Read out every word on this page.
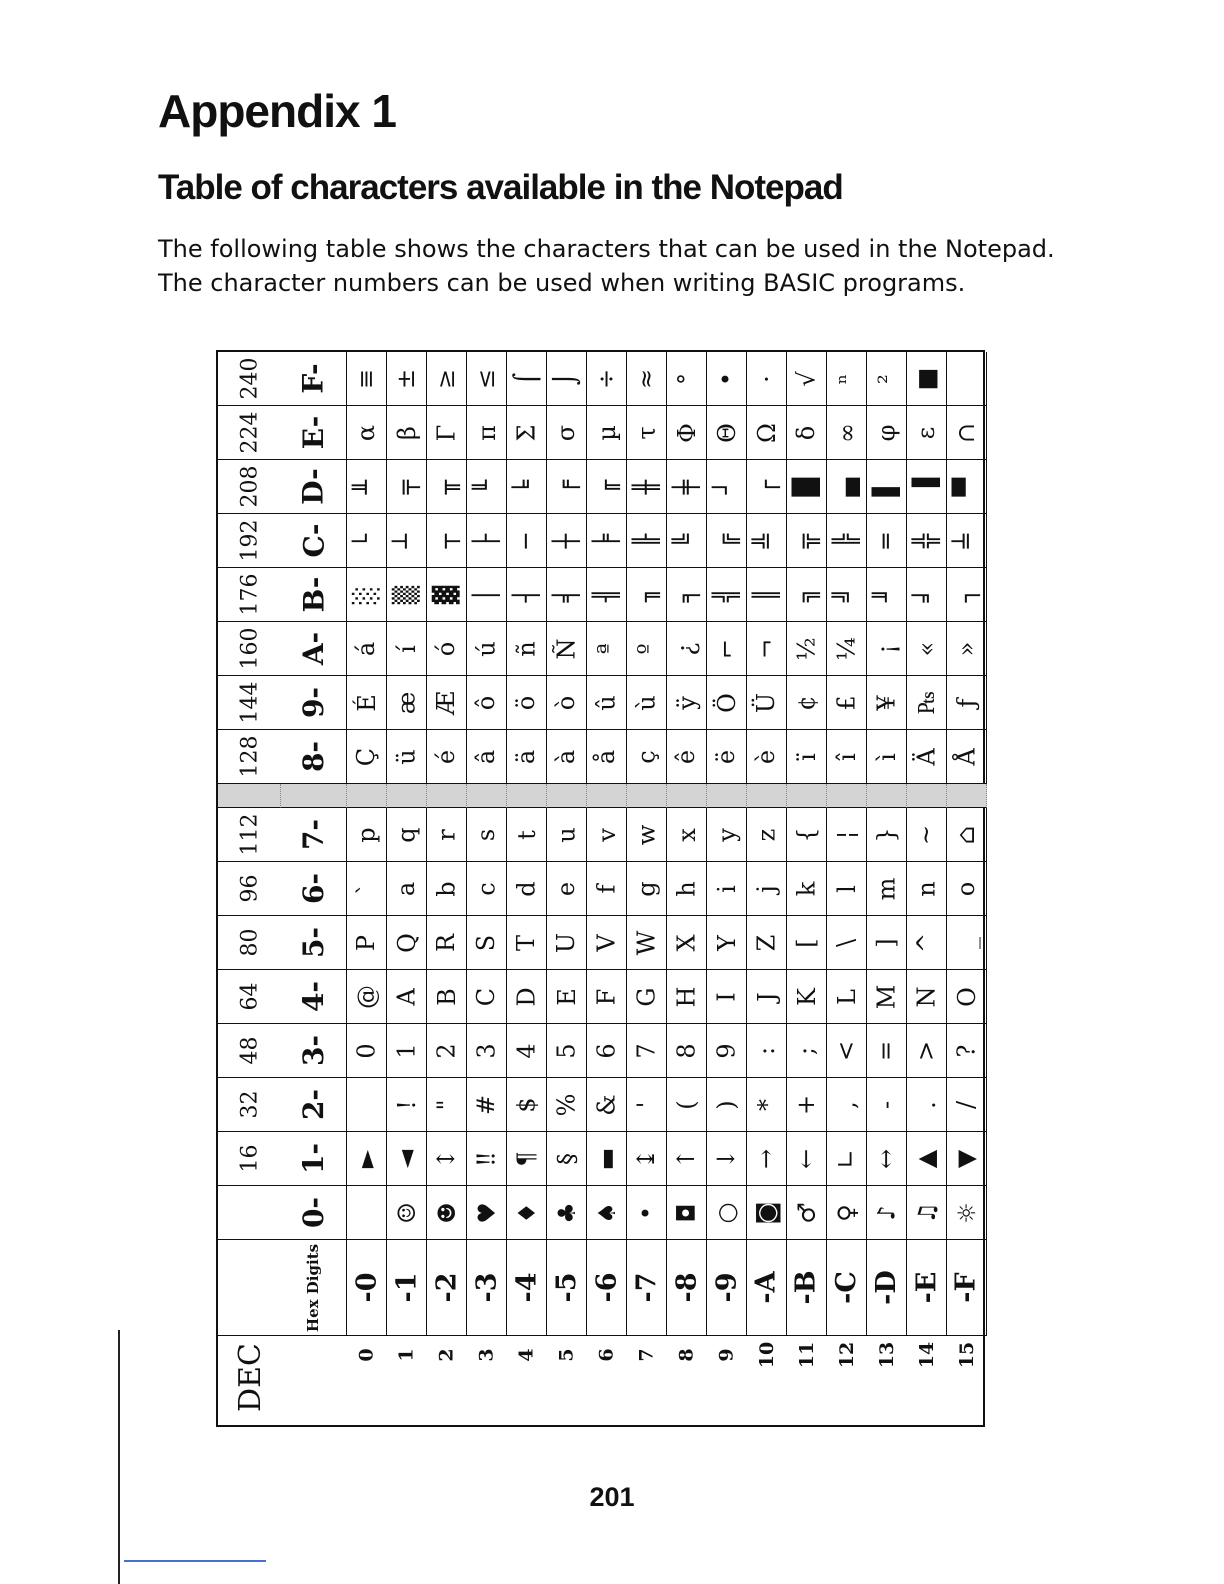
Appendix 1
Table of characters available in the Notepad

The following table shows the characters that can be used in the Notepad. The character numbers can be used when writing BASIC programs.

240 F- ≡ ± ≥ ≤ ⌠ ⌡ ÷ ≈ ° • · √ ⁿ ² ■
224 E- α β Γ π Σ σ µ τ Φ Θ Ω δ ∞ φ ε ∩
208 D- ╨ ╤ ╥ ╙ ╘ ╒ ╓ ╫ ╪ ┘ ┌ █ ▄ ▌ ▐ ▀
192 C- └ ┴ ┬ ├ ─ ┼ ╞ ╟ ╚ ╔ ╩ ╦ ╠ ═ ╬ ╧
176 B- ░ ▒ ▓ │ ┤ ╡ ╢ ╖ ╕ ╣ ║ ╗ ╝ ╜ ╛ ┐
160 A- á í ó ú ñ Ñ ª º ¿ ⌐ ¬ ½ ¼ ¡ « »
144 9- É æ Æ ô ö ò û ù ÿ Ö Ü ¢ £ ¥ ₧ ƒ
128 8- Ç ü é â ä à å ç ê ë è ï î ì Ä Å
112 7- p q r s t u v w x y z { ¦ } ~ ⌂
96 6- ` a b c d e f g h i j k l m n o
80 5- P Q R S T U V W X Y Z [ \ ] ^ _
64 4- @ A B C D E F G H I J K L M N O
48 3- 0 1 2 3 4 5 6 7 8 9 : ; < = > ?
32 2-	! " # $ % & ' ( ) * + , - . /
16 1- ► ◄ ↕ ‼ ¶ § ▬ ↨ ↑ ↓ → ← ∟ ↔ ▲ ▼
0-	☺ ☻ ♥ ♦ ♣ ♠ • ◘ ○ ◙ ♂ ♀ ♪ ♫ ☼
Hex Digits -0 -1 -2 -3 -4 -5 -6 -7 -8 -9 -A -B -C -D -E -F
0 1 2 3 4 5 6 7 8 9 10 11 12 13 14 15
DEC

201
